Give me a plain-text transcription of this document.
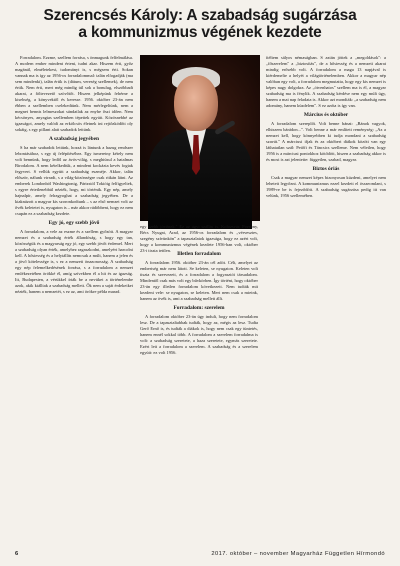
Szerencsés Károly: A szabadság sugárzása
a kommunizmus végének kezdete

Forradalom. Ezzme, szellem forrása, s önmagunk felfelmálása. A modern ember mindent érteni, tudni akar. Hiszem érti, győz magánál, elméletekest, tudományt is, s mégsem érti. Sokan vannak ma is így az 1956-os forradalommal: talán elfogadják (ma sem mindenki), talán értik is (dátum, vereség szellemek), de nem értik. Nem érti, mert még mindig túl sok a bonulug, elszóbbadt akarat, a föltevezetõ szövõtõt. Hiszen jelképünk fehérne a kisebség, a könyvektõl és keresse. 1956. október 23-án nem ébben a szellemben cselekedtünk. Nem mérlegeltünk, nem a megnet bennis lelmeszokat sándatlak az enyhe őszi idően. Nem kécsönyes, anyagias szellemben tépettek együtt. Közösnebbé az igazságot, amely valódi az erkölcsös életnek ini rejtõzködõtt oly sokáig, s egy pillant alatt szabadok lettünk.

A szabadság jegyében

S ha már szabadok lettünk, hozzá is lántunk a hazug rendszer lebontásához, s egy új felépítéséhez. Egy ismeretny kétely nem volt bennünk, hogy ledõl az ávós-világ, s meghiúsul a hatalmas Birodalom. A nem kételkedtük, a mindent kockázta kevés fogtak fegyvert. S vellük együtt a szabadság eszméje. Akkor, talán először, nálunk virradt, s a világ-közönségre csak ritkán látni. Az emberek Londonból Washingtonig, Párizstól Tokióig felfigyeltek, s egyre értetlenebbül nézték, hogy, mi történik. Egy nép, amely hajnalpír, amely felragyoghat a szabadság jegyében. De a kiaknázott a magyar kis szoronkodtunk – s az első nemzet volt az ővék keletetei is, nyugaton is – már akkor rádöbbent, hogy ez nem csupán ez a szabadság kezdete.

Egy jó, egy szebb jövő

A forradalom, a vele az eszme és a szellem győzött. A magyar nemzet és a szabadság érték állandóság, s hogy egy tan, közösségük és a magyarság egy jó, egy szebb jövőt érdemel. Mert a szabadság olyan érték, amelyhez ragaszkodni, amelyért harcolni kell. A hősiesség és a helytállás nemcsak a múlt, hanem a jelen és a jövő kötelessége is, s ez a nemzeti önazonosság. A szabadság egy nép felemelkedésének forrása, s a forradalom a nemzet emlékezetében örökké él, amíg szívekben él a hit és az igazság. Itt, Budapesten, a vérükkel írták be a nevüket a történelembe azok, akik kiálltak a szabadság mellett. Ők nem a saját érdekeiket nézték, hanem a nemzetét, s ez az, ami örökre példa marad.

egy szebb jövőnek." Ez az úgyi szállás is, Kolozsvár, Pozsony, Bécs Nyugat, Arad, az 1956-os forradalom és „vérvesztes, szegény szívünkön" a tapasztalatok igazsága, hogy ez azért volt, hogy a kommunizmus végének kezdete 1956-ban volt, október 23-i tiszta tettlen.

Illetlen forradalom

A forradalom 1956. október 23-án cél adót. Célt, amelyet az emberiség már nem látott. Se keleten, se nyugaton. Keleten volt tiszta és szervezett, és a forradalom a fogyasztói társadalom. Mindentõl csak más volt egy bűvkörben. Így történt, hogy október 23-án egy illetlen forradalom következett. Nem tudták mit kezdeni vele: se nyugaton, se keleten. Mert nem csak a mieink, hanem az övék is, ami a szabadság mellett állt.

Forradalom: szerelem

A forradalom október 23-án úgy indult, hogy nem forradalom lesz. De a tapasztaltabbak tudták, hogy az, mégis az lesz. Tudta Gerő Ernő is, és tudták a diákok is, hogy nem csak egy tüntetés, hanem ennél sokkal több. A forradalom a szerelem forradalma is volt: a szabadság szeretete, a haza szeretete, egymás szeretete. Ezért lett a forradalom a szerelem. A szabadság és a szerelem együtt: ez volt 1956.

ítéltem sályos némaságban. S aztán jöttek a „megoldások": a „főszerelem" a „biztosítás", de a hősiesség és a nemzeti akarat mindig erősebb volt. A forradalom a maga 13 napjával is kiérdemelte a helyét a világtörténelemben. Akkor a magyar nép valóban egy volt, a forradalom megmutatta, hogy egy kis nemzet is képes nagy dolgokra. Az „ötvenhatos" szellem ma is él, a magyar szabadság ma is fénylik. A szabadság kérdése nem egy múlt ügy, hanem a mai nap feladata is. Akkor azt mondták: „a szabadság nem adomány, hanem küzdelem". S ez azóta is így van.

Március és október

A forradalom szereplői. Volt benne bánat: „Bánok vagyok, elhiszem bárádon...". Volt benne a már említett reménység: „Az a nemzet kell, hogy könnyebben ki tudja mondani a szabadság szavát." A márciusi ifjak és az októberi diákok között van egy láthatatlan szál: Petőfi és Táncsics szelleme. Nem véletlen, hogy 1956 is a márciusi pontokhoz kötődött, hiszen a szabadság akkor is és most is azt jelentette: független, szabad, magyar.

Biztos óriás

Csak a magyar nemzet képes bizonyosan küzdeni, amelyet nem lehetett legyőzni. A kommunizmus ezzel kezdett el összeomlani, s 1989-re be is fejeződött. A szabadság sugárzása pedig itt van velünk, 1956 szellemében.

6	2017. október – november Magyarház Független Hírmondó
